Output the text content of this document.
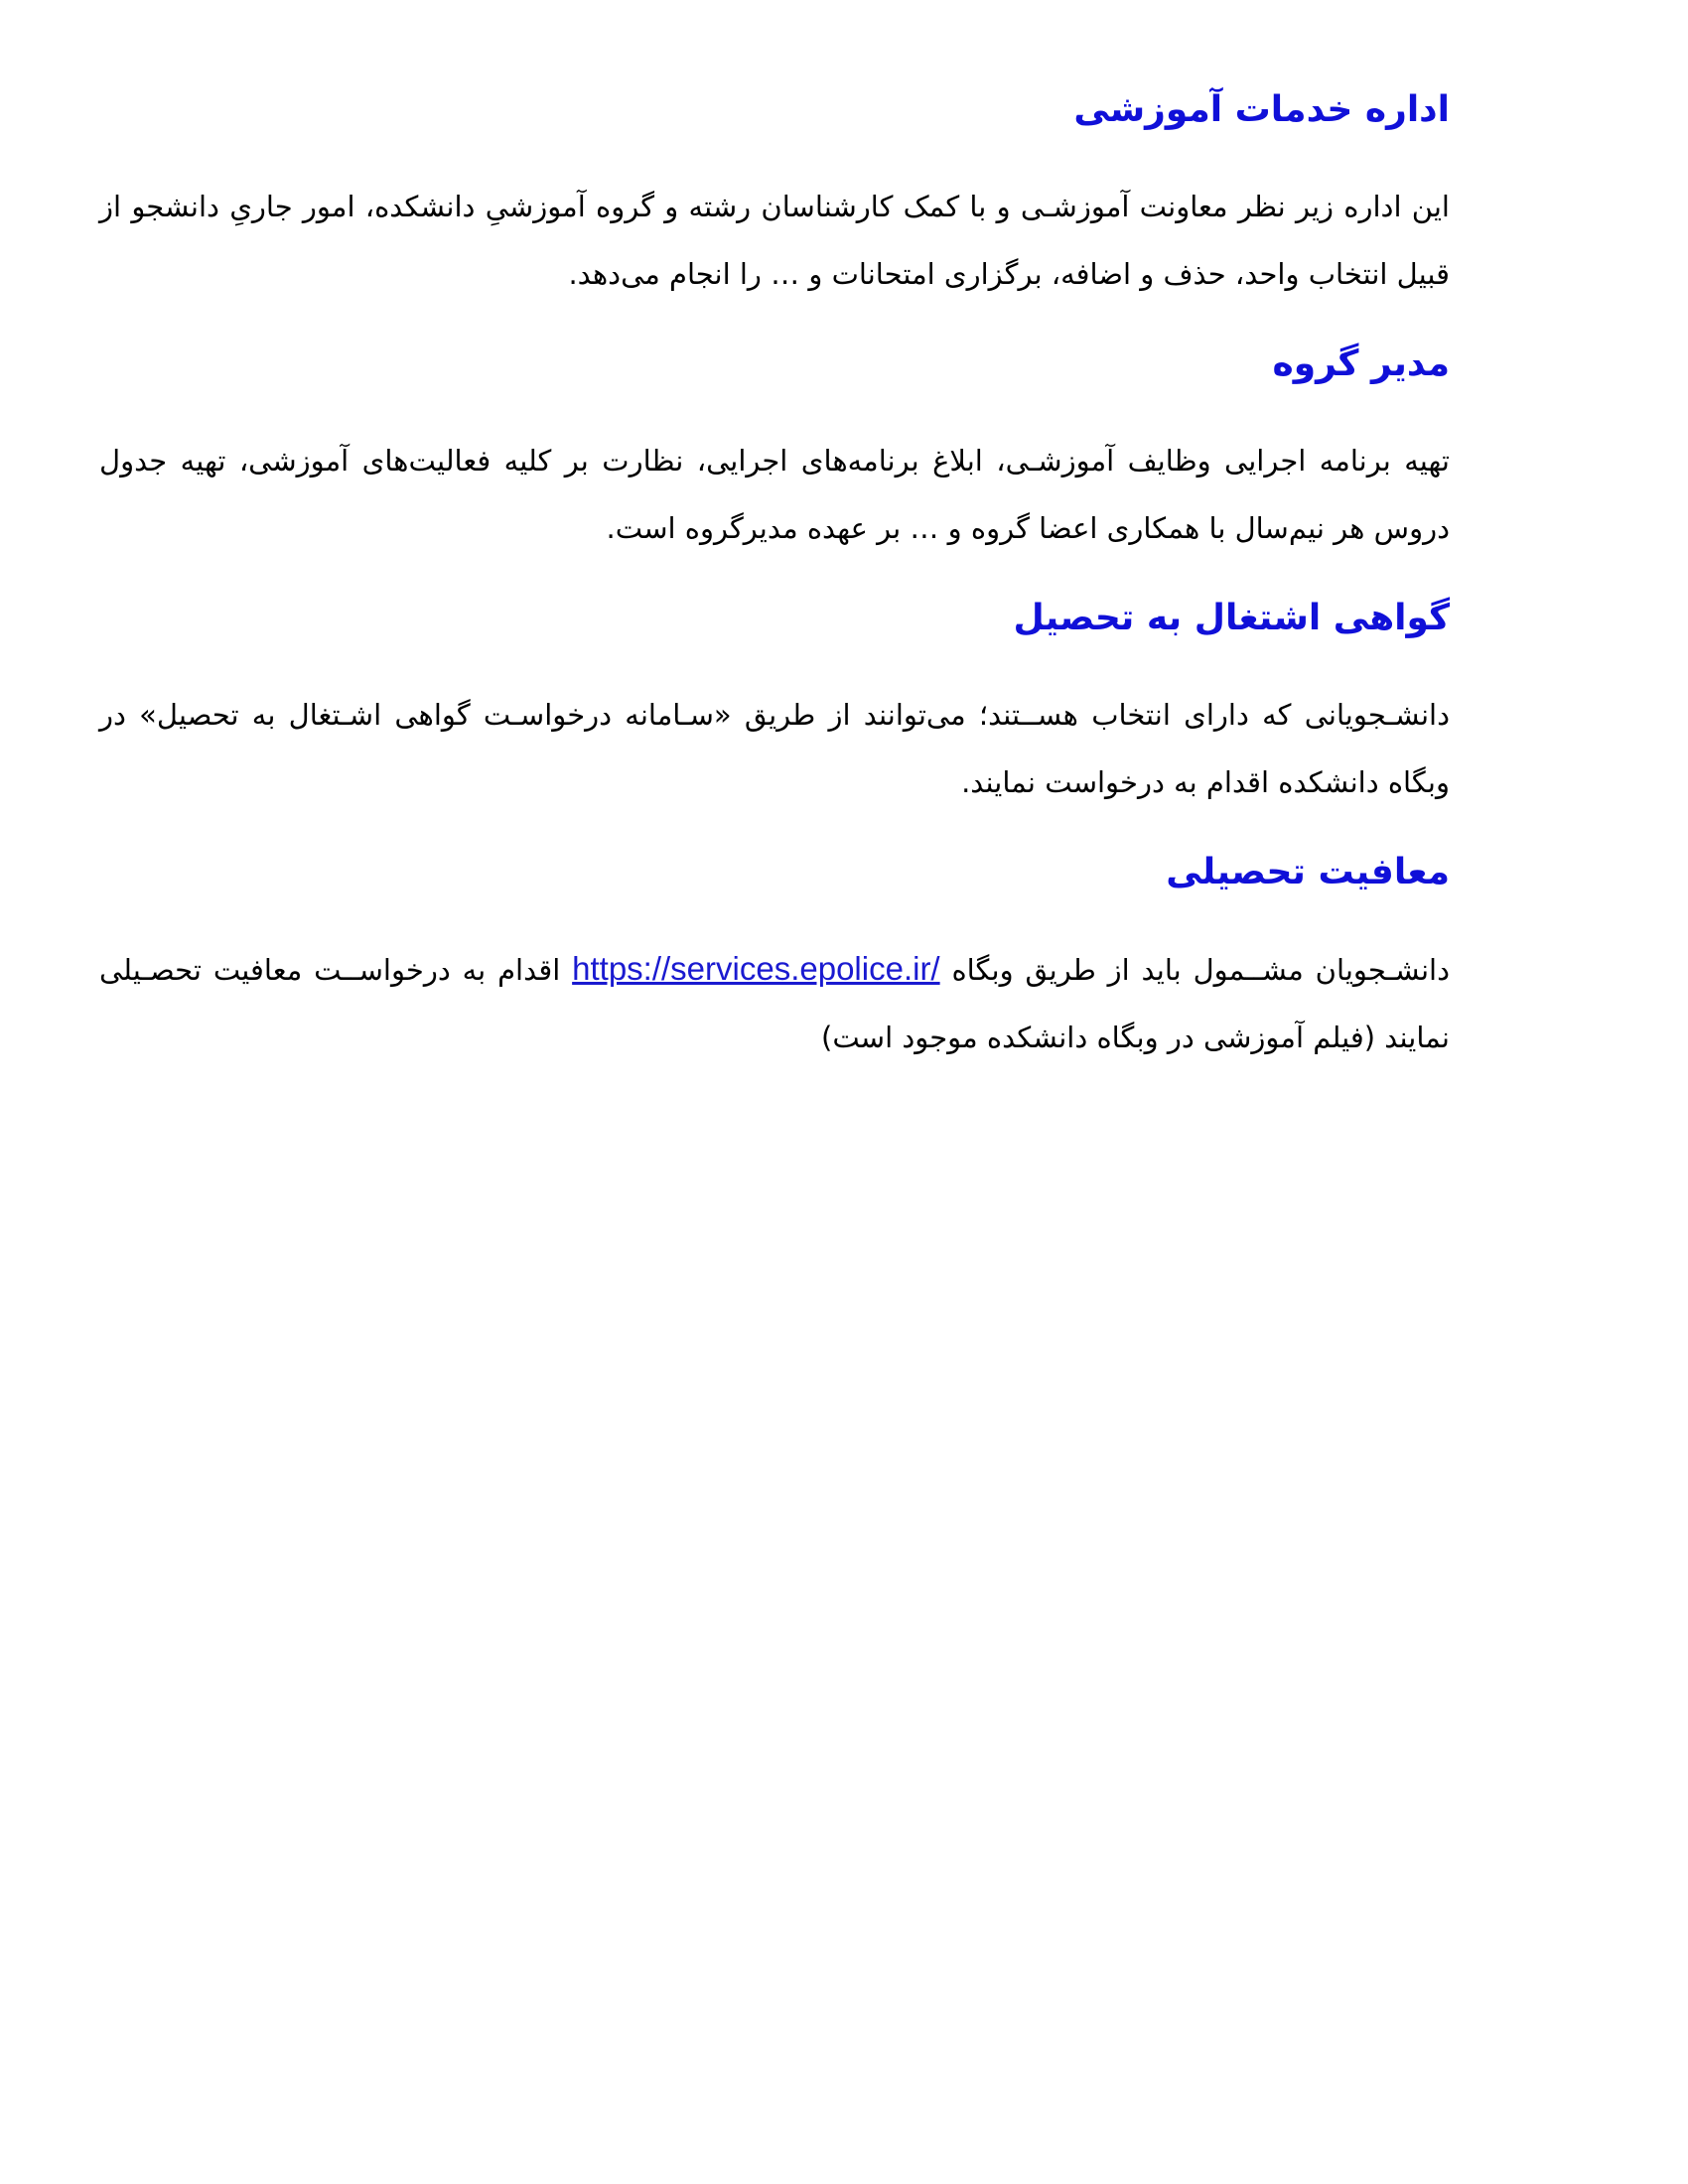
اداره خدمات آموزشی

این اداره زیر نظر معاونت آموزشـی و با کمک کارشناسان رشته و گروه آموزشیِ دانشکده، امور جاریِ دانشجو از قبیل انتخاب واحد، حذف و اضافه، برگزاری امتحانات و … را انجام می‌دهد.

مدیر گروه

تهیه برنامه اجرایی وظایف آموزشـی، ابلاغ برنامه‌های اجرایی، نظارت بر کلیه فعالیت‌های آموزشی، تهیه جدول دروس هر نیم‌سال با همکاری اعضا گروه و … بر عهده مدیرگروه است.

گواهی اشتغال به تحصیل

دانشـجویانی که دارای انتخاب هســتند؛ می‌توانند از طریق «سـامانه درخواسـت گواهی اشـتغال به تحصیل» در وبگاه دانشکده اقدام به درخواست نمایند.

معافیت تحصیلی

دانشـجویان مشــمول باید از طریق وبگاه https://services.epolice.ir/ اقدام به درخواســت معافیت تحصـیلی نمایند (فیلم آموزشی در وبگاه دانشکده موجود است)
